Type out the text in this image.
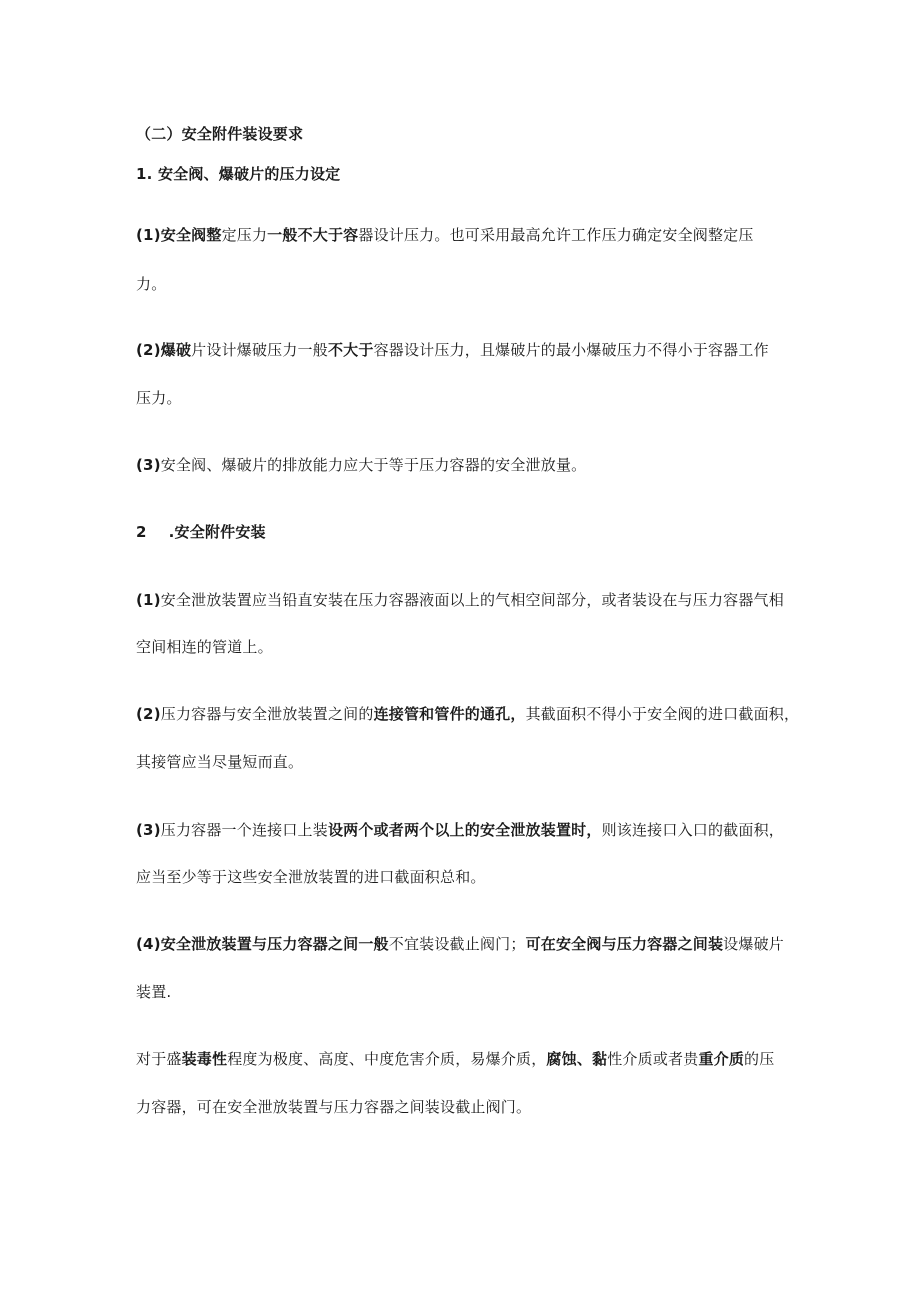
（二）安全附件装设要求

1. 安全阀、爆破片的压力设定

(1)安全阀整定压力一般不大于容器设计压力。也可采用最高允许工作压力确定安全阀整定压

力。

(2)爆破片设计爆破压力一般不大于容器设计压力，且爆破片的最小爆破压力不得小于容器工作

压力。

(3)安全阀、爆破片的排放能力应大于等于压力容器的安全泄放量。

2 .安全附件安装

(1)安全泄放装置应当铅直安装在压力容器液面以上的气相空间部分，或者装设在与压力容器气相

空间相连的管道上。

(2)压力容器与安全泄放装置之间的连接管和管件的通孔，其截面积不得小于安全阀的进口截面积，

其接管应当尽量短而直。

(3)压力容器一个连接口上装设两个或者两个以上的安全泄放装置时，则该连接口入口的截面积，

应当至少等于这些安全泄放装置的进口截面积总和。

(4)安全泄放装置与压力容器之间一般不宜装设截止阀门；可在安全阀与压力容器之间装设爆破片

装置.

对于盛装毒性程度为极度、高度、中度危害介质，易爆介质，腐蚀、黏性介质或者贵重介质的压

力容器，可在安全泄放装置与压力容器之间装设截止阀门。
